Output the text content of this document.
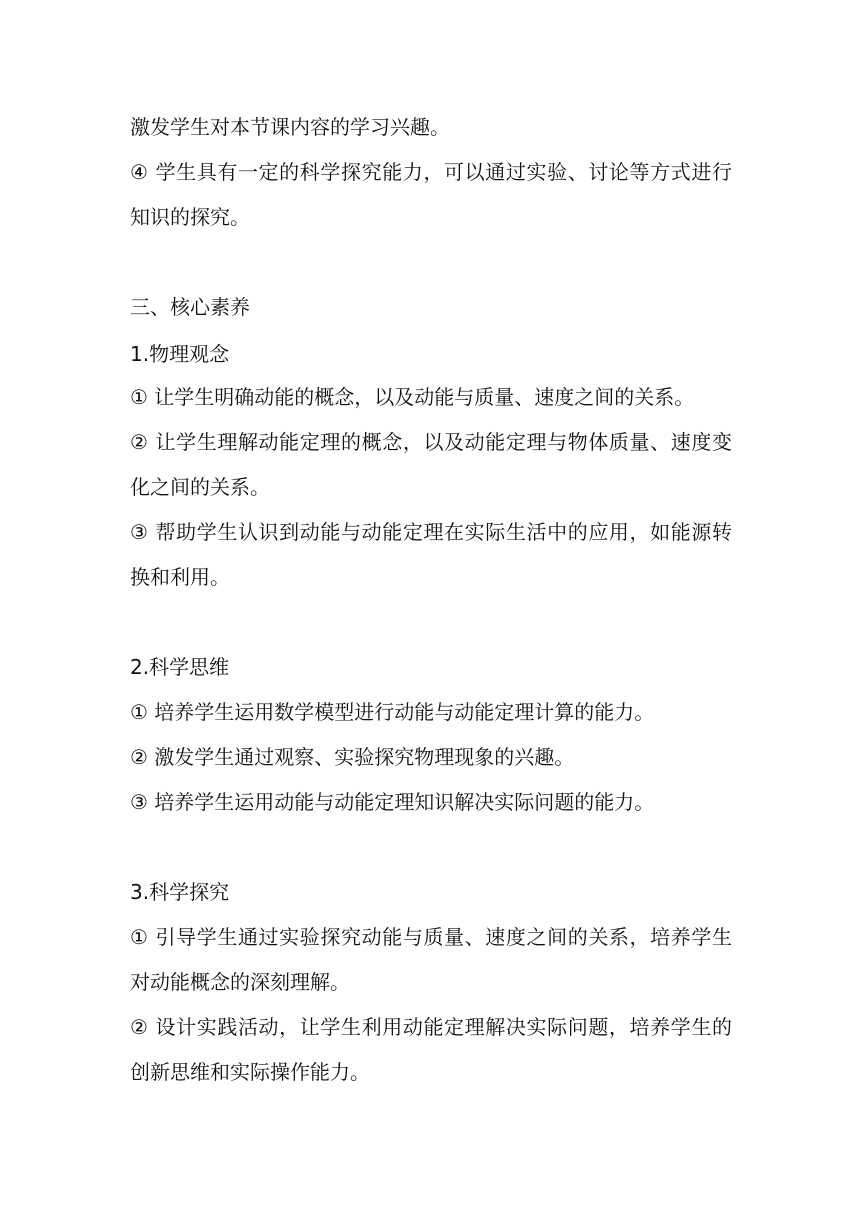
激发学生对本节课内容的学习兴趣。
④ 学生具有一定的科学探究能力，可以通过实验、讨论等方式进行
知识的探究。
三、核心素养
1.物理观念
① 让学生明确动能的概念，以及动能与质量、速度之间的关系。
② 让学生理解动能定理的概念，以及动能定理与物体质量、速度变
化之间的关系。
③ 帮助学生认识到动能与动能定理在实际生活中的应用，如能源转
换和利用。
2.科学思维
① 培养学生运用数学模型进行动能与动能定理计算的能力。
② 激发学生通过观察、实验探究物理现象的兴趣。
③ 培养学生运用动能与动能定理知识解决实际问题的能力。
3.科学探究
① 引导学生通过实验探究动能与质量、速度之间的关系，培养学生
对动能概念的深刻理解。
② 设计实践活动，让学生利用动能定理解决实际问题，培养学生的
创新思维和实际操作能力。
